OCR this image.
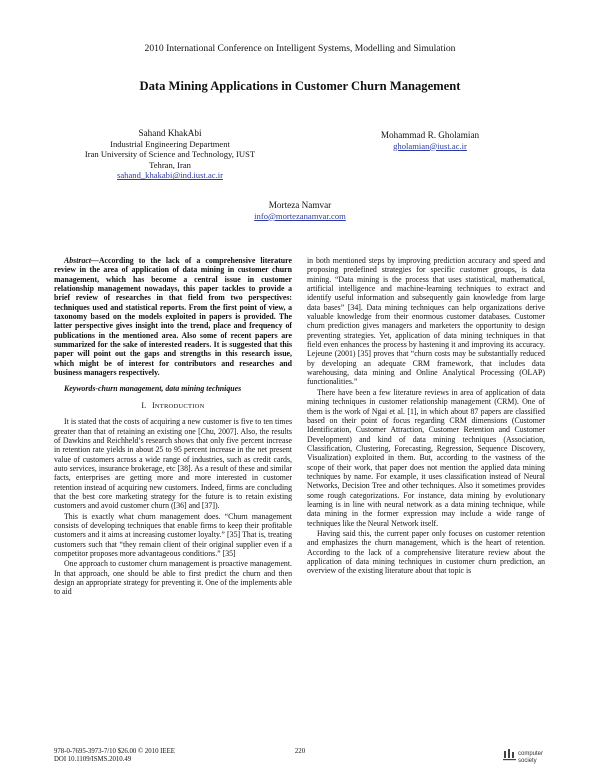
2010 International Conference on Intelligent Systems, Modelling and Simulation
Data Mining Applications in Customer Churn Management
Sahand KhakAbi
Industrial Engineering Department
Iran University of Science and Technology, IUST
Tehran, Iran
sahand_khakabi@ind.iust.ac.ir
Mohammad R. Gholamian
gholamian@iust.ac.ir
Morteza Namvar
info@mortezanamvar.com

Abstract—According to the lack of a comprehensive literature review in the area of application of data mining in customer churn management, which has become a central issue in customer relationship management nowadays, this paper tackles to provide a brief review of researches in that field from two perspectives: techniques used and statistical reports. From the first point of view, a taxonomy based on the models exploited in papers is provided. The latter perspective gives insight into the trend, place and frequency of publications in the mentioned area. Also some of recent papers are summarized for the sake of interested readers. It is suggested that this paper will point out the gaps and strengths in this research issue, which might be of interest for contributors and researches and business managers respectively.

Keywords-churn management, data mining techniques

I. INTRODUCTION

It is stated that the costs of acquiring a new customer is five to ten times greater than that of retaining an existing one [Chu, 2007]. Also, the results of Dawkins and Reichheld’s research shows that only five percent increase in retention rate yields in about 25 to 95 percent increase in the net present value of customers across a wide range of industries, such as credit cards, auto services, insurance brokerage, etc [38]. As a result of these and similar facts, enterprises are getting more and more interested in customer retention instead of acquiring new customers. Indeed, firms are concluding that the best core marketing strategy for the future is to retain existing customers and avoid customer churn ([36] and [37]).

This is exactly what churn management does. “Churn management consists of developing techniques that enable firms to keep their profitable customers and it aims at increasing customer loyalty.” [35] That is, treating customers such that “they remain client of their original supplier even if a competitor proposes more advantageous conditions.” [35]

One approach to customer churn management is proactive management. In that approach, one should be able to first predict the churn and then design an appropriate strategy for preventing it. One of the implements able to aid

in both mentioned steps by improving prediction accuracy and speed and proposing predefined strategies for specific customer groups, is data mining. “Data mining is the process that uses statistical, mathematical, artificial intelligence and machine-learning techniques to extract and identify useful information and subsequently gain knowledge from large data bases” [34]. Data mining techniques can help organizations derive valuable knowledge from their enormous customer databases. Customer churn prediction gives managers and marketers the opportunity to design preventing strategies. Yet, application of data mining techniques in that field even enhances the process by hastening it and improving its accuracy. Lejeune (2001) [35] proves that “churn costs may be substantially reduced by developing an adequate CRM framework, that includes data warehousing, data mining and Online Analytical Processing (OLAP) functionalities.”

There have been a few literature reviews in area of application of data mining techniques in customer relationship management (CRM). One of them is the work of Ngai et al. [1], in which about 87 papers are classified based on their point of focus regarding CRM dimensions (Customer Identification, Customer Attraction, Customer Retention and Customer Development) and kind of data mining techniques (Association, Classification, Clustering, Forecasting, Regression, Sequence Discovery, Visualization) exploited in them. But, according to the vastness of the scope of their work, that paper does not mention the applied data mining techniques by name. For example, it uses classification instead of Neural Networks, Decision Tree and other techniques. Also it sometimes provides some rough categorizations. For instance, data mining by evolutionary learning is in line with neural network as a data mining technique, while data mining in the former expression may include a wide range of techniques like the Neural Network itself.

Having said this, the current paper only focuses on customer retention and emphasizes the churn management, which is the heart of retention. According to the lack of a comprehensive literature review about the application of data mining techniques in customer churn prediction, an overview of the existing literature about that topic is

978-0-7695-3973-7/10 $26.00 © 2010 IEEE
DOI 10.1109/ISMS.2010.49
220	computer society
